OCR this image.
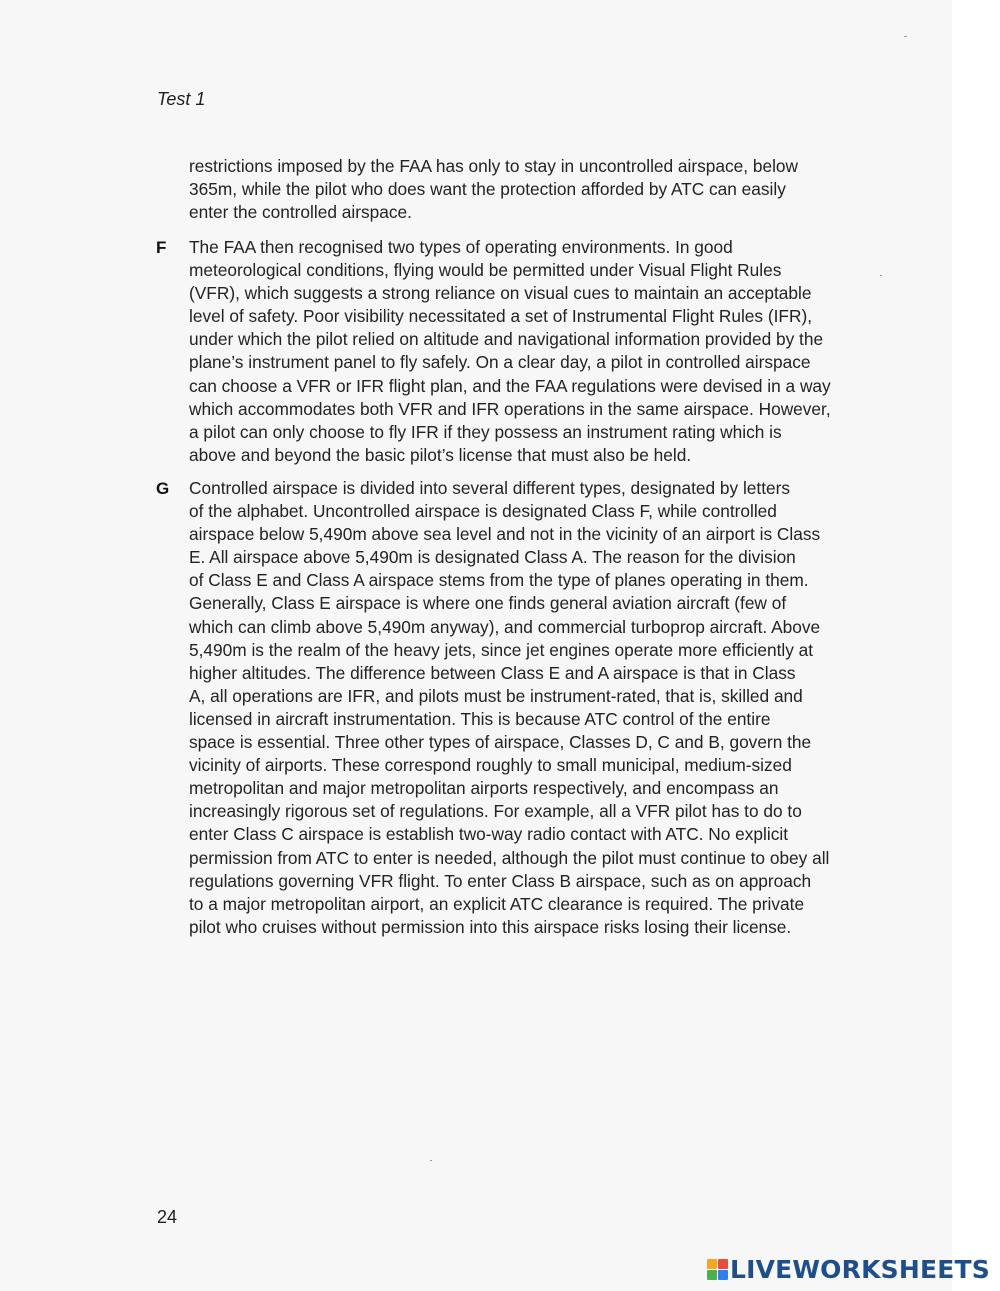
Test 1
restrictions imposed by the FAA has only to stay in uncontrolled airspace, below
365m, while the pilot who does want the protection afforded by ATC can easily
enter the controlled airspace.
F The FAA then recognised two types of operating environments. In good
meteorological conditions, flying would be permitted under Visual Flight Rules
(VFR), which suggests a strong reliance on visual cues to maintain an acceptable
level of safety. Poor visibility necessitated a set of Instrumental Flight Rules (IFR),
under which the pilot relied on altitude and navigational information provided by the
plane’s instrument panel to fly safely. On a clear day, a pilot in controlled airspace
can choose a VFR or IFR flight plan, and the FAA regulations were devised in a way
which accommodates both VFR and IFR operations in the same airspace. However,
a pilot can only choose to fly IFR if they possess an instrument rating which is
above and beyond the basic pilot’s license that must also be held.
G Controlled airspace is divided into several different types, designated by letters
of the alphabet. Uncontrolled airspace is designated Class F, while controlled
airspace below 5,490m above sea level and not in the vicinity of an airport is Class
E. All airspace above 5,490m is designated Class A. The reason for the division
of Class E and Class A airspace stems from the type of planes operating in them.
Generally, Class E airspace is where one finds general aviation aircraft (few of
which can climb above 5,490m anyway), and commercial turboprop aircraft. Above
5,490m is the realm of the heavy jets, since jet engines operate more efficiently at
higher altitudes. The difference between Class E and A airspace is that in Class
A, all operations are IFR, and pilots must be instrument-rated, that is, skilled and
licensed in aircraft instrumentation. This is because ATC control of the entire
space is essential. Three other types of airspace, Classes D, C and B, govern the
vicinity of airports. These correspond roughly to small municipal, medium-sized
metropolitan and major metropolitan airports respectively, and encompass an
increasingly rigorous set of regulations. For example, all a VFR pilot has to do to
enter Class C airspace is establish two-way radio contact with ATC. No explicit
permission from ATC to enter is needed, although the pilot must continue to obey all
regulations governing VFR flight. To enter Class B airspace, such as on approach
to a major metropolitan airport, an explicit ATC clearance is required. The private
pilot who cruises without permission into this airspace risks losing their license.
24
LIVEWORKSHEETS
